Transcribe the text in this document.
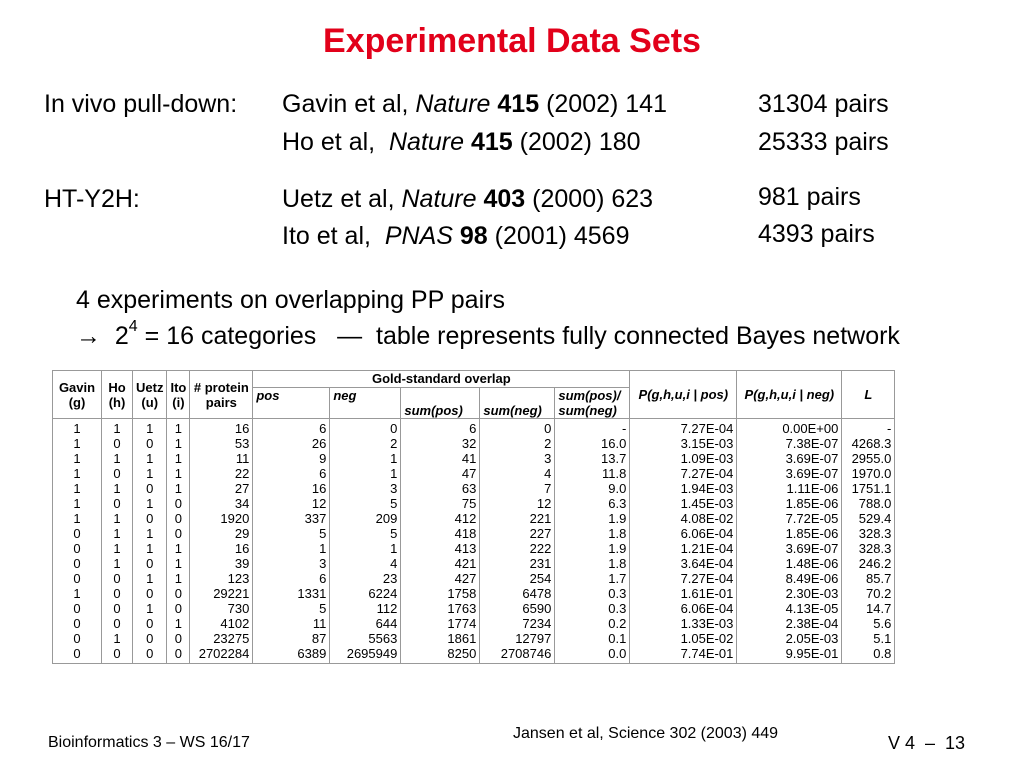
Experimental Data Sets
In vivo pull-down: Gavin et al, Nature 415 (2002) 141	31304 pairs
Ho et al,  Nature 415 (2002) 180	25333 pairs
HT-Y2H:	Uetz et al, Nature 403 (2000) 623	981 pairs
Ito et al,  PNAS 98 (2001) 4569	4393 pairs
4 experiments on overlapping PP pairs
→  $2^4 = 16$ categories   —  table represents fully connected Bayes network
Gavin (g)	Ho (h)	Uetz (u)	Ito (i)	# protein pairs	Gold-standard overlap					P(g,h,u,i | pos)	P(g,h,u,i | neg)	L
					pos	neg	sum(pos)	sum(neg)	sum(pos)/ sum(neg)			
1	1	1	1	16	6	0	6	0	-	7.27E-04	0.00E+00	-
1	0	0	1	53	26	2	32	2	16.0	3.15E-03	7.38E-07	4268.3
1	1	1	1	11	9	1	41	3	13.7	1.09E-03	3.69E-07	2955.0
1	0	1	1	22	6	1	47	4	11.8	7.27E-04	3.69E-07	1970.0
1	1	0	1	27	16	3	63	7	9.0	1.94E-03	1.11E-06	1751.1
1	0	1	0	34	12	5	75	12	6.3	1.45E-03	1.85E-06	788.0
1	1	0	0	1920	337	209	412	221	1.9	4.08E-02	7.72E-05	529.4
0	1	1	0	29	5	5	418	227	1.8	6.06E-04	1.85E-06	328.3
0	1	1	1	16	1	1	413	222	1.9	1.21E-04	3.69E-07	328.3
0	1	0	1	39	3	4	421	231	1.8	3.64E-04	1.48E-06	246.2
0	0	1	1	123	6	23	427	254	1.7	7.27E-04	8.49E-06	85.7
1	0	0	0	29221	1331	6224	1758	6478	0.3	1.61E-01	2.30E-03	70.2
0	0	1	0	730	5	112	1763	6590	0.3	6.06E-04	4.13E-05	14.7
0	0	0	1	4102	11	644	1774	7234	0.2	1.33E-03	2.38E-04	5.6
0	1	0	0	23275	87	5563	1861	12797	0.1	1.05E-02	2.05E-03	5.1
0	0	0	0	2702284	6389	2695949	8250	2708746	0.0	7.74E-01	9.95E-01	0.8
Bioinformatics 3 – WS 16/17
Jansen et al, Science 302 (2003) 449	V 4  –  13
